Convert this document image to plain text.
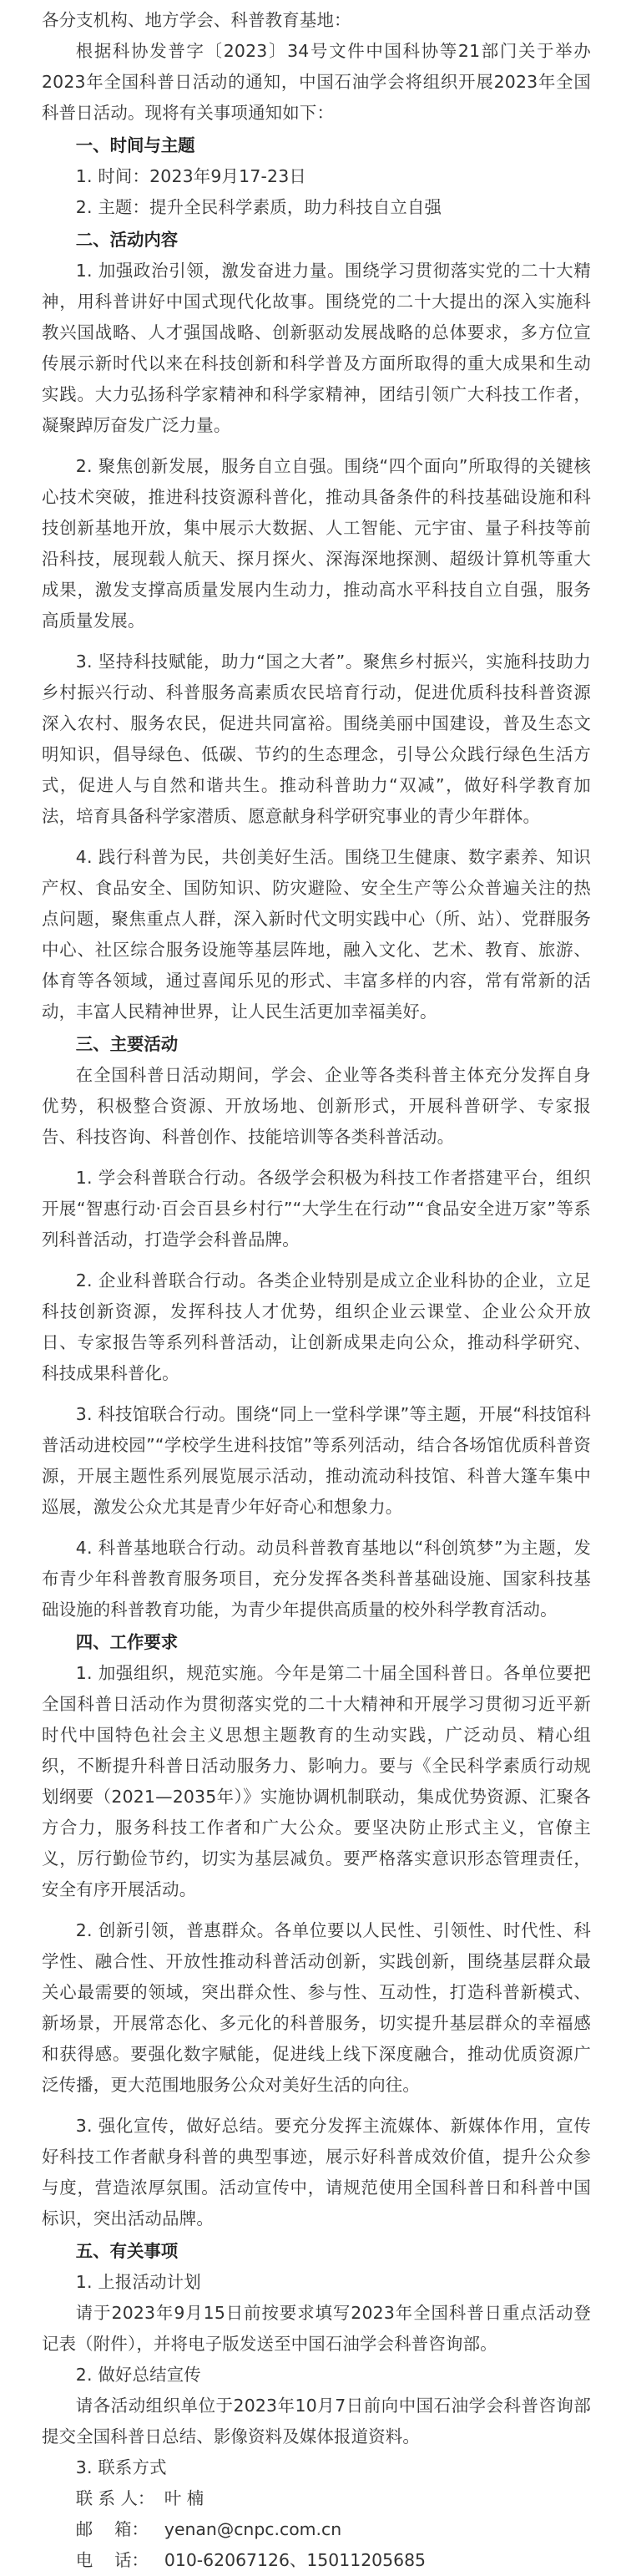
各分支机构、地方学会、科普教育基地：

根据科协发普字〔2023〕34号文件中国科协等21部门关于举办2023年全国科普日活动的通知，中国石油学会将组织开展2023年全国科普日活动。现将有关事项通知如下：

一、时间与主题

1. 时间：2023年9月17-23日

2. 主题：提升全民科学素质，助力科技自立自强

二、活动内容

1. 加强政治引领，激发奋进力量。围绕学习贯彻落实党的二十大精神，用科普讲好中国式现代化故事。围绕党的二十大提出的深入实施科教兴国战略、人才强国战略、创新驱动发展战略的总体要求，多方位宣传展示新时代以来在科技创新和科学普及方面所取得的重大成果和生动实践。大力弘扬科学家精神和科学家精神，团结引领广大科技工作者，凝聚踔厉奋发广泛力量。

2. 聚焦创新发展，服务自立自强。围绕“四个面向”所取得的关键核心技术突破，推进科技资源科普化，推动具备条件的科技基础设施和科技创新基地开放，集中展示大数据、人工智能、元宇宙、量子科技等前沿科技，展现载人航天、探月探火、深海深地探测、超级计算机等重大成果，激发支撑高质量发展内生动力，推动高水平科技自立自强，服务高质量发展。

3. 坚持科技赋能，助力“国之大者”。聚焦乡村振兴，实施科技助力乡村振兴行动、科普服务高素质农民培育行动，促进优质科技科普资源深入农村、服务农民，促进共同富裕。围绕美丽中国建设，普及生态文明知识，倡导绿色、低碳、节约的生态理念，引导公众践行绿色生活方式，促进人与自然和谐共生。推动科普助力“双减”，做好科学教育加法，培育具备科学家潜质、愿意献身科学研究事业的青少年群体。

4. 践行科普为民，共创美好生活。围绕卫生健康、数字素养、知识产权、食品安全、国防知识、防灾避险、安全生产等公众普遍关注的热点问题，聚焦重点人群，深入新时代文明实践中心（所、站）、党群服务中心、社区综合服务设施等基层阵地，融入文化、艺术、教育、旅游、体育等各领域，通过喜闻乐见的形式、丰富多样的内容，常有常新的活动，丰富人民精神世界，让人民生活更加幸福美好。

三、主要活动

在全国科普日活动期间，学会、企业等各类科普主体充分发挥自身优势，积极整合资源、开放场地、创新形式，开展科普研学、专家报告、科技咨询、科普创作、技能培训等各类科普活动。

1. 学会科普联合行动。各级学会积极为科技工作者搭建平台，组织开展“智惠行动·百会百县乡村行”“大学生在行动”“食品安全进万家”等系列科普活动，打造学会科普品牌。

2. 企业科普联合行动。各类企业特别是成立企业科协的企业，立足科技创新资源，发挥科技人才优势，组织企业云课堂、企业公众开放日、专家报告等系列科普活动，让创新成果走向公众，推动科学研究、科技成果科普化。

3. 科技馆联合行动。围绕“同上一堂科学课”等主题，开展“科技馆科普活动进校园”“学校学生进科技馆”等系列活动，结合各场馆优质科普资源，开展主题性系列展览展示活动，推动流动科技馆、科普大篷车集中巡展，激发公众尤其是青少年好奇心和想象力。

4. 科普基地联合行动。动员科普教育基地以“科创筑梦”为主题，发布青少年科普教育服务项目，充分发挥各类科普基础设施、国家科技基础设施的科普教育功能，为青少年提供高质量的校外科学教育活动。

四、工作要求

1. 加强组织，规范实施。今年是第二十届全国科普日。各单位要把全国科普日活动作为贯彻落实党的二十大精神和开展学习贯彻习近平新时代中国特色社会主义思想主题教育的生动实践，广泛动员、精心组织，不断提升科普日活动服务力、影响力。要与《全民科学素质行动规划纲要（2021—2035年）》实施协调机制联动，集成优势资源、汇聚各方合力，服务科技工作者和广大公众。要坚决防止形式主义，官僚主义，厉行勤俭节约，切实为基层减负。要严格落实意识形态管理责任，安全有序开展活动。

2. 创新引领，普惠群众。各单位要以人民性、引领性、时代性、科学性、融合性、开放性推动科普活动创新，实践创新，围绕基层群众最关心最需要的领域，突出群众性、参与性、互动性，打造科普新模式、新场景，开展常态化、多元化的科普服务，切实提升基层群众的幸福感和获得感。要强化数字赋能，促进线上线下深度融合，推动优质资源广泛传播，更大范围地服务公众对美好生活的向往。

3. 强化宣传，做好总结。要充分发挥主流媒体、新媒体作用，宣传好科技工作者献身科普的典型事迹，展示好科普成效价值，提升公众参与度，营造浓厚氛围。活动宣传中，请规范使用全国科普日和科普中国标识，突出活动品牌。

五、有关事项

1. 上报活动计划

请于2023年9月15日前按要求填写2023年全国科普日重点活动登记表（附件），并将电子版发送至中国石油学会科普咨询部。

2. 做好总结宣传

请各活动组织单位于2023年10月7日前向中国石油学会科普咨询部提交全国科普日总结、影像资料及媒体报道资料。

3. 联系方式

联 系 人： 叶 楠
邮    箱： yenan@cnpc.com.cn
电    话： 010-62067126、15011205685
